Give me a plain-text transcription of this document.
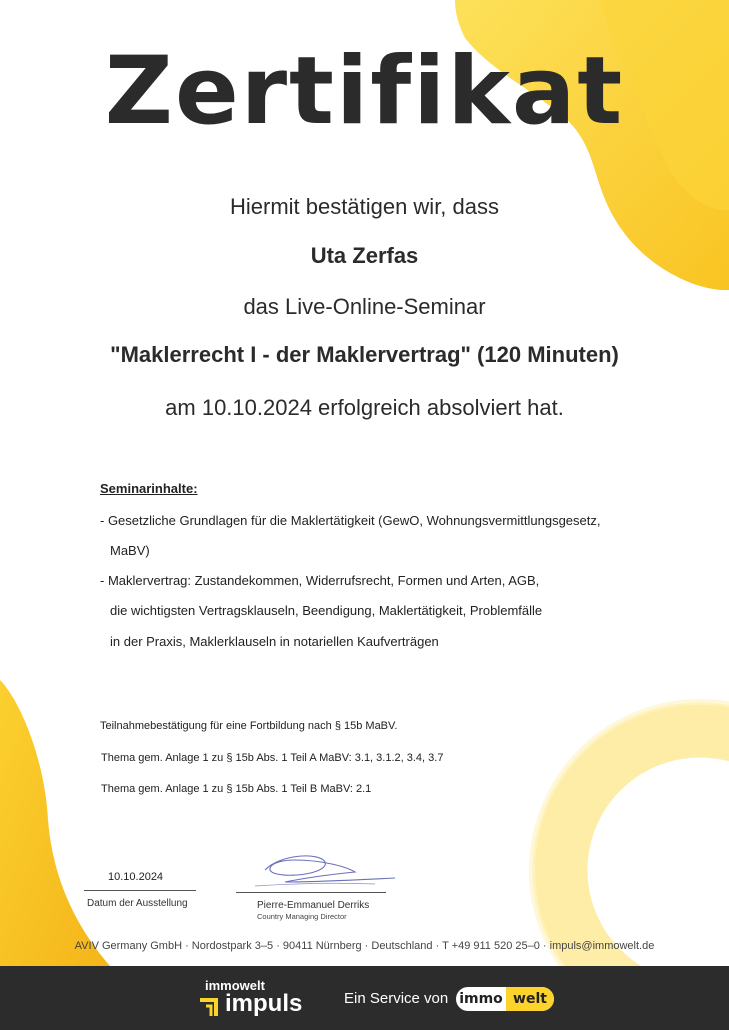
Zertifikat
Hiermit bestätigen wir, dass
Uta Zerfas
das Live-Online-Seminar
"Maklerrecht I - der Maklervertrag" (120 Minuten)
am 10.10.2024 erfolgreich absolviert hat.
Seminarinhalte:
- Gesetzliche Grundlagen für die Maklertätigkeit (GewO, Wohnungsvermittlungsgesetz,
MaBV)
- Maklervertrag: Zustandekommen, Widerrufsrecht, Formen und Arten, AGB,
die wichtigsten Vertragsklauseln, Beendigung, Maklertätigkeit, Problemfälle
in der Praxis, Maklerklauseln in notariellen Kaufverträgen
Teilnahmebestätigung für eine Fortbildung nach § 15b MaBV.
Thema gem. Anlage 1 zu § 15b Abs. 1 Teil A MaBV: 3.1, 3.1.2, 3.4, 3.7
Thema gem. Anlage 1 zu § 15b Abs. 1 Teil B MaBV: 2.1
10.10.2024
Datum der Ausstellung	Pierre-Emmanuel Derriks
Country Managing Director
AVIV Germany GmbH · Nordostpark 3–5 · 90411 Nürnberg · Deutschland · T +49 911 520 25–0 · impuls@immowelt.de
immowelt
impuls	Ein Service von immo welt
